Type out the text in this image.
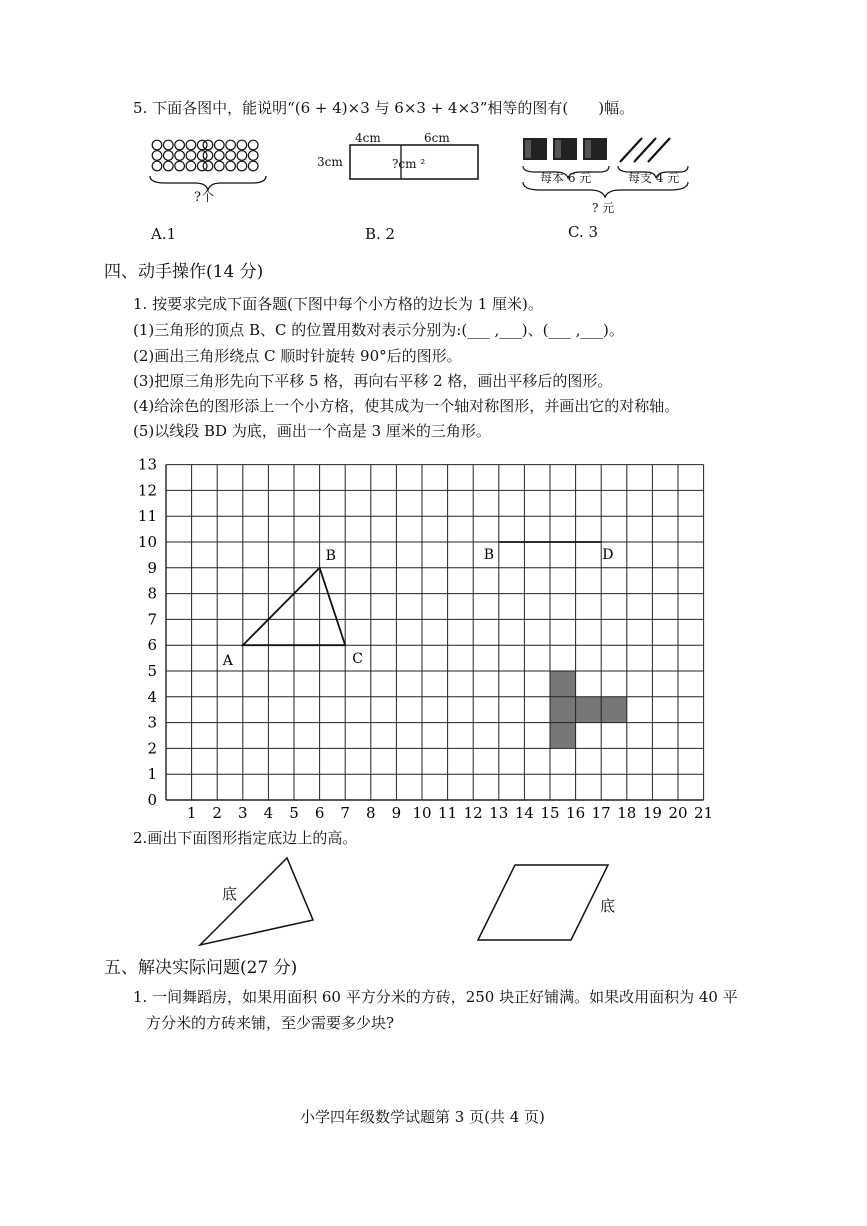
5. 下面各图中，能说明“(6 + 4)×3 与 6×3 + 4×3”相等的图有(　　)幅。
1 2 3 4 5 6 7 8 9 10 11 12 13 14 15 16 17 18 19 20 21
0
1
2
3
4
5
6
7
8
9
10
11
12
13
A
B
C
B	D
?个
4cm	6cm
3cm	?cm ²
每本 6 元	每支 4 元
? 元
A.1	B. 2	C. 3
四、动手操作(14 分)
1. 按要求完成下面各题(下图中每个小方格的边长为 1 厘米)。
(1)三角形的顶点 B、C 的位置用数对表示分别为:(___ ,___)、(___ ,___)。
(2)画出三角形绕点 C 顺时针旋转 90°后的图形。
(3)把原三角形先向下平移 5 格，再向右平移 2 格，画出平移后的图形。
(4)给涂色的图形添上一个小方格，使其成为一个轴对称图形，并画出它的对称轴。
(5)以线段 BD 为底，画出一个高是 3 厘米的三角形。
2.画出下面图形指定底边上的高。
底
底
五、解决实际问题(27 分)
1. 一间舞蹈房，如果用面积 60 平方分米的方砖，250 块正好铺满。如果改用面积为 40 平
方分米的方砖来铺，至少需要多少块?
小学四年级数学试题第 3 页(共 4 页)
